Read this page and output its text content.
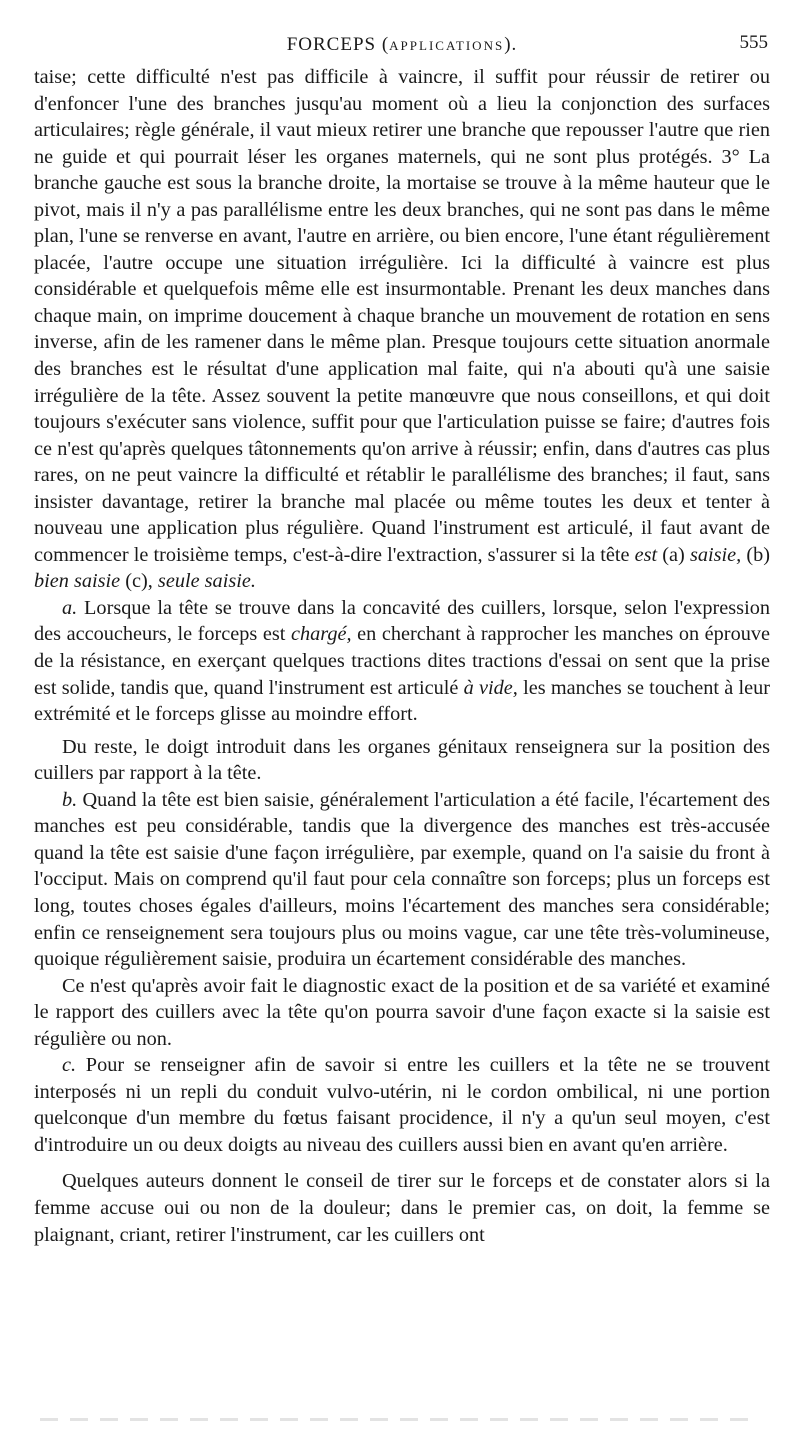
FORCEPS (APPLICATIONS).	555

taise; cette difficulté n'est pas difficile à vaincre, il suffit pour réussir de retirer ou d'enfoncer l'une des branches jusqu'au moment où a lieu la conjonction des surfaces articulaires; règle générale, il vaut mieux retirer une branche que repousser l'autre que rien ne guide et qui pourrait léser les organes maternels, qui ne sont plus protégés. 3° La branche gauche est sous la branche droite, la mortaise se trouve à la même hauteur que le pivot, mais il n'y a pas parallélisme entre les deux branches, qui ne sont pas dans le même plan, l'une se renverse en avant, l'autre en arrière, ou bien encore, l'une étant régulièrement placée, l'autre occupe une situation irrégulière. Ici la difficulté à vaincre est plus considérable et quelquefois même elle est insurmontable. Prenant les deux manches dans chaque main, on imprime doucement à chaque branche un mouvement de rotation en sens inverse, afin de les ramener dans le même plan. Presque toujours cette situation anormale des branches est le résultat d'une application mal faite, qui n'a abouti qu'à une saisie irrégulière de la tête. Assez souvent la petite manœuvre que nous conseillons, et qui doit toujours s'exécuter sans violence, suffit pour que l'articulation puisse se faire; d'autres fois ce n'est qu'après quelques tâtonnements qu'on arrive à réussir; enfin, dans d'autres cas plus rares, on ne peut vaincre la difficulté et rétablir le parallélisme des branches; il faut, sans insister davantage, retirer la branche mal placée ou même toutes les deux et tenter à nouveau une application plus régulière. Quand l'instrument est articulé, il faut avant de commencer le troisième temps, c'est-à-dire l'extraction, s'assurer si la tête est (a) saisie, (b) bien saisie (c), seule saisie.

a. Lorsque la tête se trouve dans la concavité des cuillers, lorsque, selon l'expression des accoucheurs, le forceps est chargé, en cherchant à rapprocher les manches on éprouve de la résistance, en exerçant quelques tractions dites tractions d'essai on sent que la prise est solide, tandis que, quand l'instrument est articulé à vide, les manches se touchent à leur extrémité et le forceps glisse au moindre effort.

Du reste, le doigt introduit dans les organes génitaux renseignera sur la position des cuillers par rapport à la tête.

b. Quand la tête est bien saisie, généralement l'articulation a été facile, l'écartement des manches est peu considérable, tandis que la divergence des manches est très-accusée quand la tête est saisie d'une façon irrégulière, par exemple, quand on l'a saisie du front à l'occiput. Mais on comprend qu'il faut pour cela connaître son forceps; plus un forceps est long, toutes choses égales d'ailleurs, moins l'écartement des manches sera considérable; enfin ce renseignement sera toujours plus ou moins vague, car une tête très-volumineuse, quoique régulièrement saisie, produira un écartement considérable des manches.

Ce n'est qu'après avoir fait le diagnostic exact de la position et de sa variété et examiné le rapport des cuillers avec la tête qu'on pourra savoir d'une façon exacte si la saisie est régulière ou non.

c. Pour se renseigner afin de savoir si entre les cuillers et la tête ne se trouvent interposés ni un repli du conduit vulvo-utérin, ni le cordon ombilical, ni une portion quelconque d'un membre du fœtus faisant procidence, il n'y a qu'un seul moyen, c'est d'introduire un ou deux doigts au niveau des cuillers aussi bien en avant qu'en arrière.

Quelques auteurs donnent le conseil de tirer sur le forceps et de constater alors si la femme accuse oui ou non de la douleur; dans le premier cas, on doit, la femme se plaignant, criant, retirer l'instrument, car les cuillers ont
